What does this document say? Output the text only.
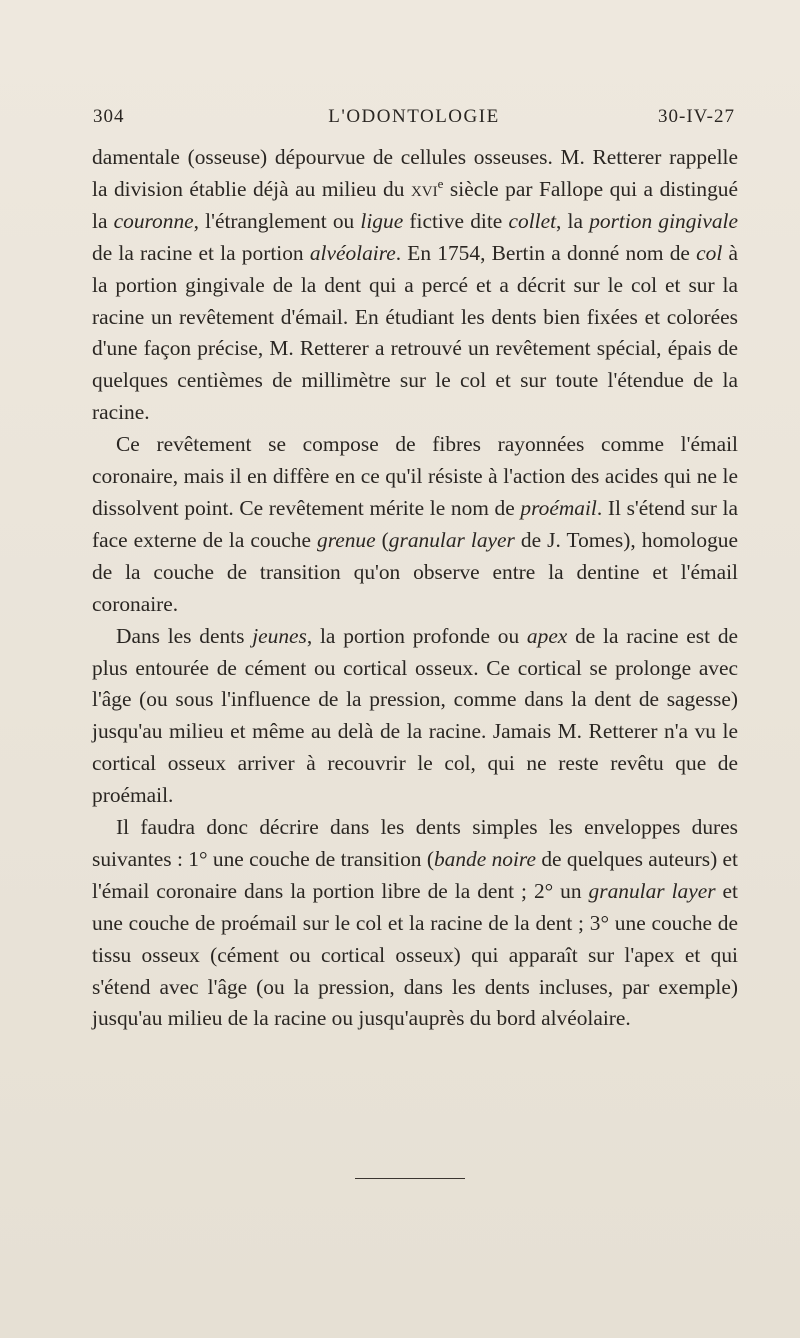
304	L'ODONTOLOGIE	30-IV-27

damentale (osseuse) dépourvue de cellules osseuses. M. Retterer rappelle la division établie déjà au milieu du xvi$^e$ siècle par Fallope qui a distingué la couronne, l'étranglement ou ligue fictive dite collet, la portion gingivale de la racine et la portion alvéolaire. En 1754, Bertin a donné nom de col à la portion gingivale de la dent qui a percé et a décrit sur le col et sur la racine un revêtement d'émail. En étudiant les dents bien fixées et colorées d'une façon précise, M. Retterer a retrouvé un revêtement spécial, épais de quelques centièmes de millimètre sur le col et sur toute l'étendue de la racine.

Ce revêtement se compose de fibres rayonnées comme l'émail coronaire, mais il en diffère en ce qu'il résiste à l'action des acides qui ne le dissolvent point. Ce revêtement mérite le nom de proémail. Il s'étend sur la face externe de la couche grenue (granular layer de J. Tomes), homologue de la couche de transition qu'on observe entre la dentine et l'émail coronaire.

Dans les dents jeunes, la portion profonde ou apex de la racine est de plus entourée de cément ou cortical osseux. Ce cortical se prolonge avec l'âge (ou sous l'influence de la pression, comme dans la dent de sagesse) jusqu'au milieu et même au delà de la racine. Jamais M. Retterer n'a vu le cortical osseux arriver à recouvrir le col, qui ne reste revêtu que de proémail.

Il faudra donc décrire dans les dents simples les enveloppes dures suivantes : 1° une couche de transition (bande noire de quelques auteurs) et l'émail coronaire dans la portion libre de la dent ; 2° un granular layer et une couche de proémail sur le col et la racine de la dent ; 3° une couche de tissu osseux (cément ou cortical osseux) qui apparaît sur l'apex et qui s'étend avec l'âge (ou la pression, dans les dents incluses, par exemple) jusqu'au milieu de la racine ou jusqu'auprès du bord alvéolaire.
